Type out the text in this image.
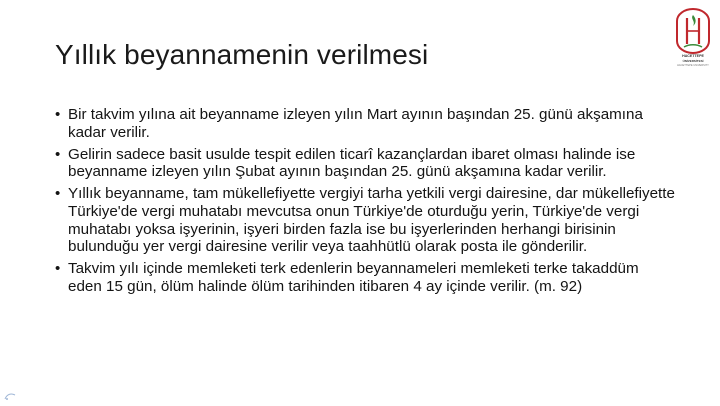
Yıllık beyannamenin verilmesi	HACETTEPE
ÜNİVERSİTESİ
HACETTEPE UNIVERSITY
• Bir takvim yılına ait beyanname izleyen yılın Mart ayının başından 25. günü akşamına kadar verilir.
• Gelirin sadece basit usulde tespit edilen ticarî kazançlardan ibaret olması halinde ise beyanname izleyen yılın Şubat ayının başından 25. günü akşamına kadar verilir.
• Yıllık beyanname, tam mükellefiyette vergiyi tarha yetkili vergi dairesine, dar mükellefiyette Türkiye'de vergi muhatabı mevcutsa onun Türkiye'de oturduğu yerin, Türkiye'de vergi muhatabı yoksa işyerinin, işyeri birden fazla ise bu işyerlerinden herhangi birisinin bulunduğu yer vergi dairesine verilir veya taahhütlü olarak posta ile gönderilir.
• Takvim yılı içinde memleketi terk edenlerin beyannameleri memleketi terke takaddüm eden 15 gün, ölüm halinde ölüm tarihinden itibaren 4 ay içinde verilir. (m. 92)
